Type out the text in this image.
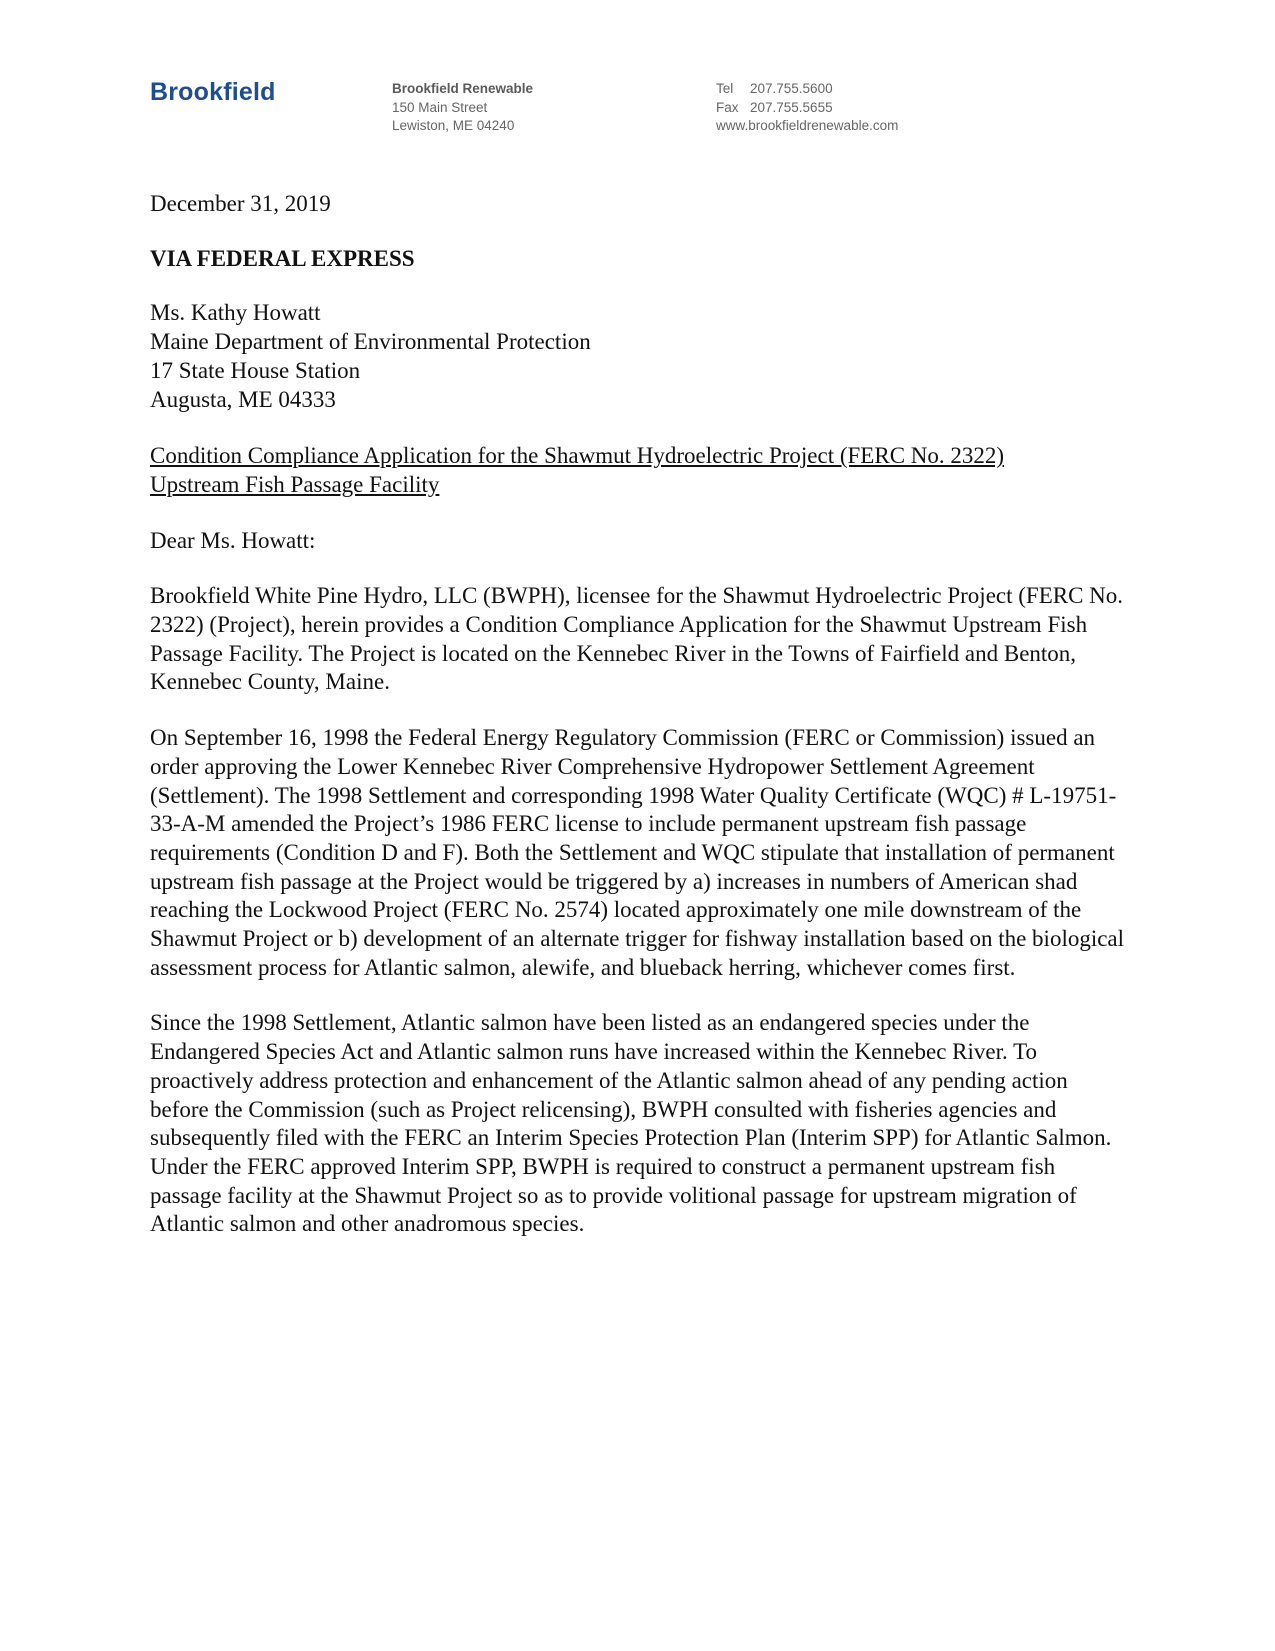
Brookfield	Brookfield Renewable
150 Main Street
Lewiston, ME 04240
Tel 207.755.5600
Fax 207.755.5655
www.brookfieldrenewable.com

December 31, 2019

VIA FEDERAL EXPRESS

Ms. Kathy Howatt

Maine Department of Environmental Protection

17 State House Station

Augusta, ME 04333

Condition Compliance Application for the Shawmut Hydroelectric Project (FERC No. 2322)

Upstream Fish Passage Facility

Dear Ms. Howatt:

Brookfield White Pine Hydro, LLC (BWPH), licensee for the Shawmut Hydroelectric Project (FERC No. 2322) (Project), herein provides a Condition Compliance Application for the Shawmut Upstream Fish Passage Facility. The Project is located on the Kennebec River in the Towns of Fairfield and Benton, Kennebec County, Maine.

On September 16, 1998 the Federal Energy Regulatory Commission (FERC or Commission) issued an order approving the Lower Kennebec River Comprehensive Hydropower Settlement Agreement (Settlement). The 1998 Settlement and corresponding 1998 Water Quality Certificate (WQC) # L-19751-33-A-M amended the Project’s 1986 FERC license to include permanent upstream fish passage requirements (Condition D and F). Both the Settlement and WQC stipulate that installation of permanent upstream fish passage at the Project would be triggered by a) increases in numbers of American shad reaching the Lockwood Project (FERC No. 2574) located approximately one mile downstream of the Shawmut Project or b) development of an alternate trigger for fishway installation based on the biological assessment process for Atlantic salmon, alewife, and blueback herring, whichever comes first.

Since the 1998 Settlement, Atlantic salmon have been listed as an endangered species under the Endangered Species Act and Atlantic salmon runs have increased within the Kennebec River. To proactively address protection and enhancement of the Atlantic salmon ahead of any pending action before the Commission (such as Project relicensing), BWPH consulted with fisheries agencies and subsequently filed with the FERC an Interim Species Protection Plan (Interim SPP) for Atlantic Salmon. Under the FERC approved Interim SPP, BWPH is required to construct a permanent upstream fish passage facility at the Shawmut Project so as to provide volitional passage for upstream migration of Atlantic salmon and other anadromous species.
